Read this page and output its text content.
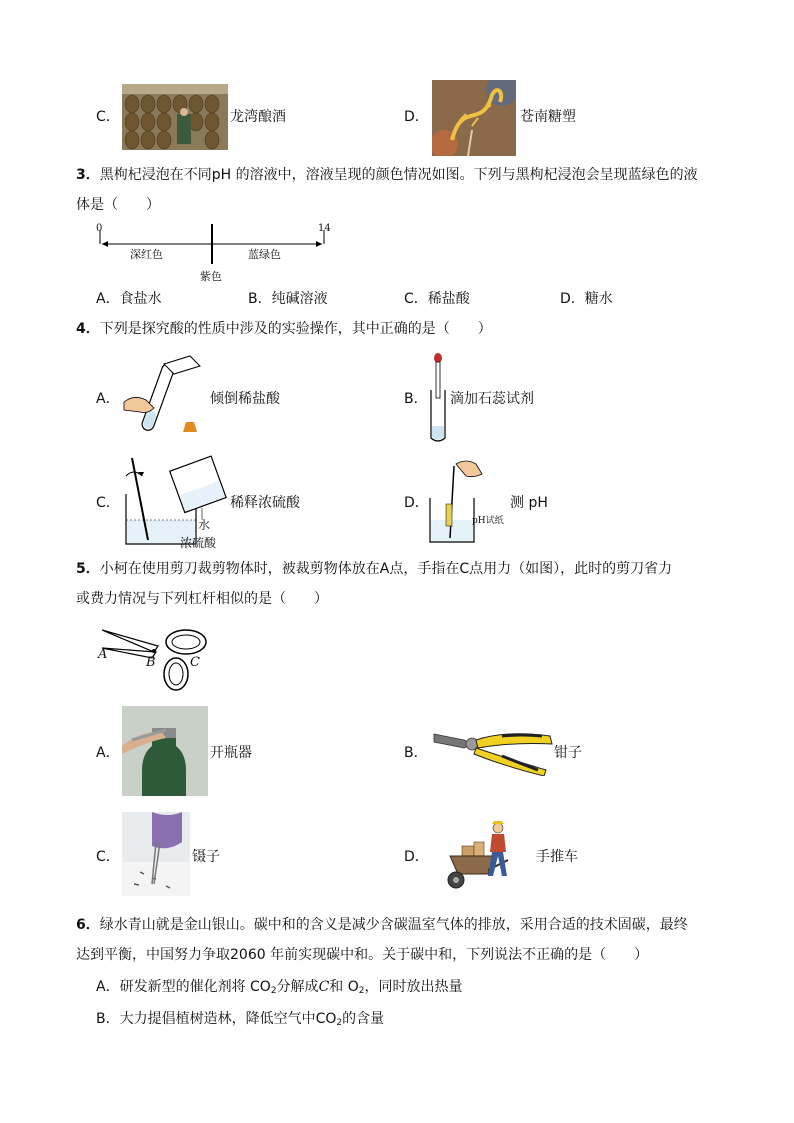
C．	龙湾酿酒	D．	苍南糖塑
3．黑枸杞浸泡在不同pH 的溶液中，溶液呈现的颜色情况如图。下列与黑枸杞浸泡会呈现蓝绿色的液
体是（　　）
0	14
深红色	蓝绿色
紫色
A．食盐水	B．纯碱溶液	C．稀盐酸	D．糖水
4．下列是探究酸的性质中涉及的实验操作，其中正确的是（　　）
A．	倾倒稀盐酸	B． 滴加石蕊试剂
C．
水
浓硫酸
稀释浓硫酸	D．
pH试纸
测 pH
5．小柯在使用剪刀裁剪物体时，被裁剪物体放在A点，手指在C点用力（如图），此时的剪刀省力
或费力情况与下列杠杆相似的是（　　）
A
B	C
A．	开瓶器	B．	钳子
C．	镊子	D．	手推车
6．绿水青山就是金山银山。碳中和的含义是减少含碳温室气体的排放，采用合适的技术固碳，最终
达到平衡，中国努力争取2060 年前实现碳中和。关于碳中和，下列说法不正确的是（　　）
A．研发新型的催化剂将 $CO_2$分解成C和 $O_2$，同时放出热量
B．大力提倡植树造林，降低空气中$CO_2$的含量
